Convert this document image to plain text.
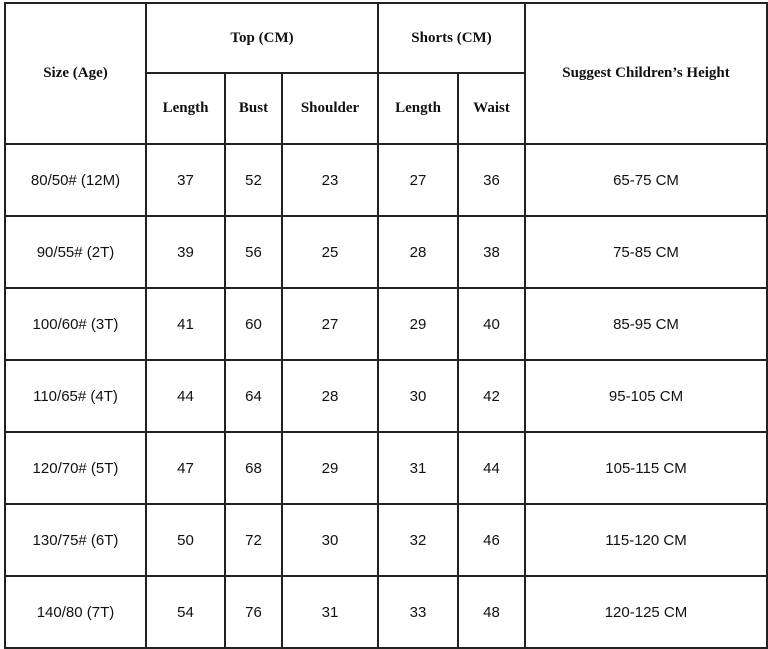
Size (Age)	Top (CM)			Shorts (CM)		Suggest Children’s Height
	Length	Bust	Shoulder	Length	Waist	
80/50# (12M)	37	52	23	27	36	65-75 CM
90/55# (2T)	39	56	25	28	38	75-85 CM
100/60# (3T)	41	60	27	29	40	85-95 CM
110/65# (4T)	44	64	28	30	42	95-105 CM
120/70# (5T)	47	68	29	31	44	105-115 CM
130/75# (6T)	50	72	30	32	46	115-120 CM
140/80 (7T)	54	76	31	33	48	120-125 CM
